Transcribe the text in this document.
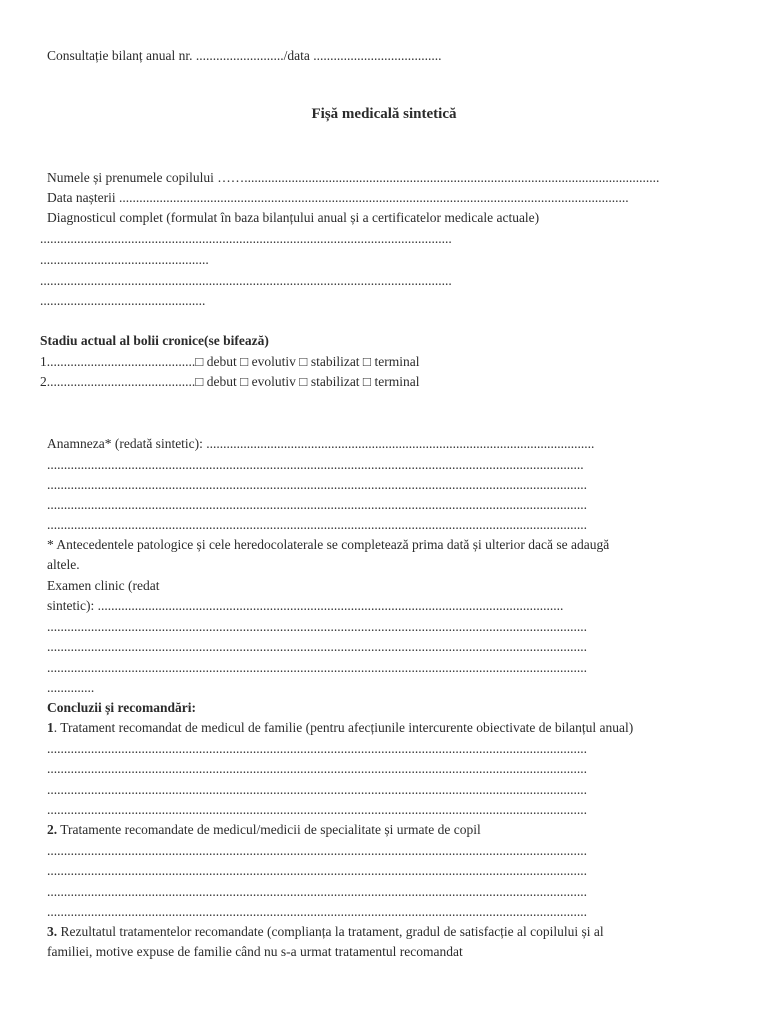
Consultație bilanț anual nr. ........................../data ......................................
Fișă medicală sintetică
Numele și prenumele copilului ……...........................................................................................................................
Data nașterii .......................................................................................................................................................
Diagnosticul complet (formulat în baza bilanțului anual și a certificatelor medicale actuale)
..........................................................................................................................
..................................................
..........................................................................................................................
.................................................
Stadiu actual al bolii cronice(se bifează)
1............................................□ debut □ evolutiv □ stabilizat □ terminal
2............................................□ debut □ evolutiv □ stabilizat □ terminal
Anamneza* (redată sintetic): ...................................................................................................................
...............................................................................................................................................................
................................................................................................................................................................
................................................................................................................................................................
................................................................................................................................................................
* Antecedentele patologice și cele heredocolaterale se completează prima dată și ulterior dacă se adaugă
altele.
Examen clinic (redat
sintetic): ..........................................................................................................................................
................................................................................................................................................................
................................................................................................................................................................
................................................................................................................................................................
..............
Concluzii și recomandări:
1. Tratament recomandat de medicul de familie (pentru afecțiunile intercurente obiectivate de bilanțul anual)
................................................................................................................................................................
................................................................................................................................................................
................................................................................................................................................................
................................................................................................................................................................
2. Tratamente recomandate de medicul/medicii de specialitate și urmate de copil
................................................................................................................................................................
................................................................................................................................................................
................................................................................................................................................................
................................................................................................................................................................
3. Rezultatul tratamentelor recomandate (complianța la tratament, gradul de satisfacție al copilului și al
familiei, motive expuse de familie când nu s-a urmat tratamentul recomandat
